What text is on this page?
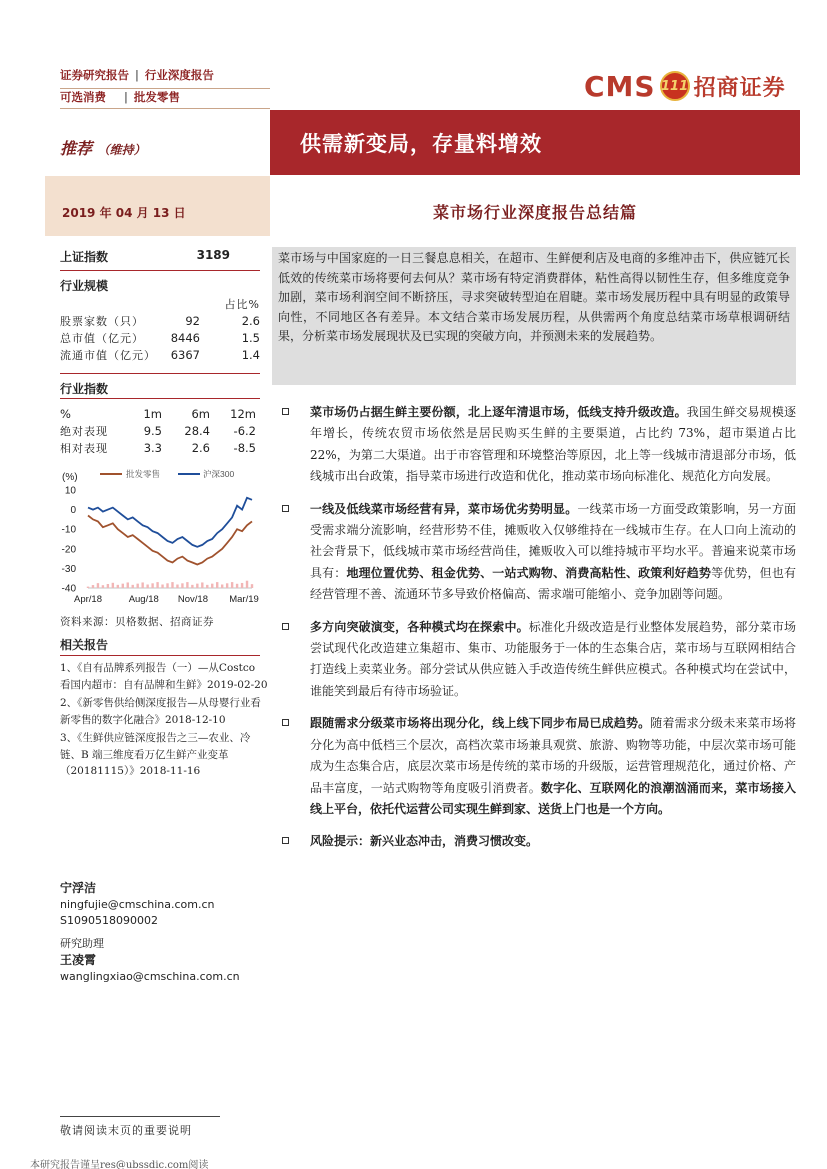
证券研究报告 | 行业深度报告
可选消费 | 批发零售	CMS 111 招商证券
推荐 （维持）	供需新变局，存量料增效
2019 年 04 月 13 日	菜市场行业深度报告总结篇
上证指数	3189
行业规模
		占比%
股票家数（只）	92	2.6
总市值（亿元）	8446	1.5
流通市值（亿元）	6367	1.4
行业指数
%	1m	6m	12m
绝对表现	9.5	28.4	-6.2
相对表现	3.3	2.6	-8.5
(%)	批发零售	沪深300
10
0
-10
-20
-30
-40
Apr/18	Aug/18 Nov/18 Mar/19
资料来源：贝格数据、招商证券
相关报告
1、《自有品牌系列报告（一）—从Costco 看国内超市：自有品牌和生鲜》2019-02-20
2、《新零售供给侧深度报告—从母婴行业看新零售的数字化融合》2018-12-10
3、《生鲜供应链深度报告之三—农业、冷链、B 端三维度看万亿生鲜产业变革（20181115）》2018-11-16
宁浮洁
ningfujie@cmschina.com.cn
S1090518090002
研究助理
王凌霄
wanglingxiao@cmschina.com.cn
菜市场与中国家庭的一日三餐息息相关，在超市、生鲜便利店及电商的多维冲击下，供应链冗长低效的传统菜市场将要何去何从？菜市场有特定消费群体，粘性高得以韧性生存，但多维度竞争加剧，菜市场利润空间不断挤压，寻求突破转型迫在眉睫。菜市场发展历程中具有明显的政策导向性，不同地区各有差异。本文结合菜市场发展历程，从供需两个角度总结菜市场草根调研结果，分析菜市场发展现状及已实现的突破方向，并预测未来的发展趋势。
菜市场仍占据生鲜主要份额，北上逐年清退市场，低线支持升级改造。我国生鲜交易规模逐年增长，传统农贸市场依然是居民购买生鲜的主要渠道，占比约 73%，超市渠道占比 22%，为第二大渠道。出于市容管理和环境整治等原因，北上等一线城市清退部分市场，低线城市出台政策，指导菜市场进行改造和优化，推动菜市场向标准化、规范化方向发展。
一线及低线菜市场经营有异，菜市场优劣势明显。一线菜市场一方面受政策影响，另一方面受需求端分流影响，经营形势不佳，摊贩收入仅够维持在一线城市生存。在人口向上流动的社会背景下，低线城市菜市场经营尚佳，摊贩收入可以维持城市平均水平。普遍来说菜市场具有：地理位置优势、租金优势、一站式购物、消费高粘性、政策利好趋势等优势，但也有经营管理不善、流通环节多导致价格偏高、需求端可能缩小、竞争加剧等问题。
多方向突破演变，各种模式均在探索中。标准化升级改造是行业整体发展趋势，部分菜市场尝试现代化改造建立集超市、集市、功能服务于一体的生态集合店，菜市场与互联网相结合打造线上卖菜业务。部分尝试从供应链入手改造传统生鲜供应模式。各种模式均在尝试中，谁能笑到最后有待市场验证。
跟随需求分级菜市场将出现分化，线上线下同步布局已成趋势。随着需求分级未来菜市场将分化为高中低档三个层次，高档次菜市场兼具观赏、旅游、购物等功能，中层次菜市场可能成为生态集合店，底层次菜市场是传统的菜市场的升级版，运营管理规范化，通过价格、产品丰富度，一站式购物等角度吸引消费者。数字化、互联网化的浪潮汹涌而来，菜市场接入线上平台，依托代运营公司实现生鲜到家、送货上门也是一个方向。
风险提示：新兴业态冲击，消费习惯改变。
敬请阅读末页的重要说明
本研究报告谨呈res@ubssdic.com阅读
